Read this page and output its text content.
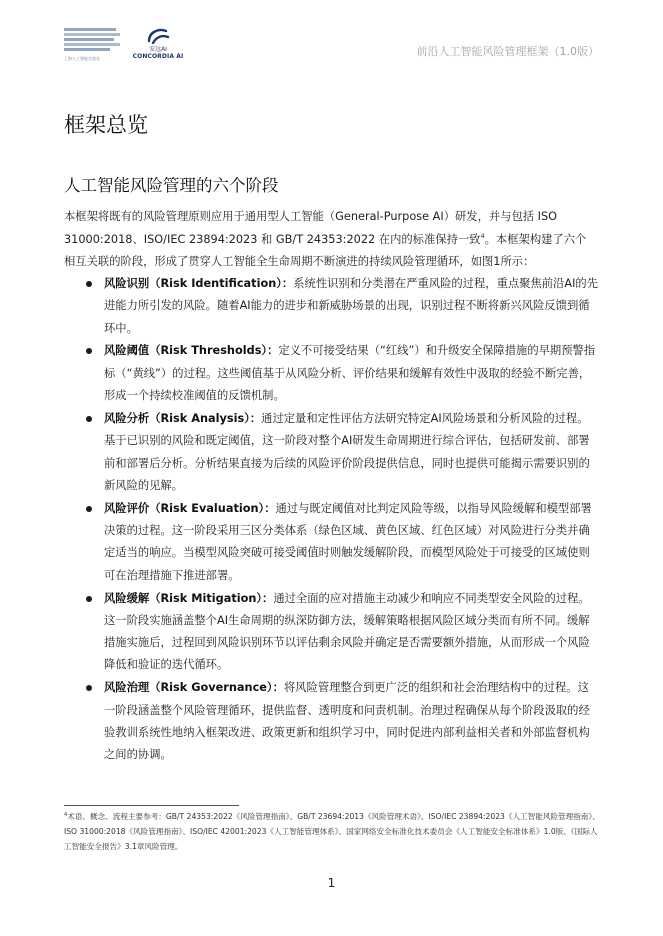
上海人工智能实验室
安远AI
CONCORDIA AI	前沿人工智能风险管理框架（1.0版）
框架总览
人工智能风险管理的六个阶段

本框架将既有的风险管理原则应用于通用型人工智能（General-Purpose AI）研发，并与包括 ISO 31000:2018、ISO/IEC 23894:2023 和 GB/T 24353:2022 在内的标准保持一致$^4$。本框架构建了六个相互关联的阶段，形成了贯穿人工智能全生命周期不断演进的持续风险管理循环，如图1所示：

风险识别（Risk Identification）：系统性识别和分类潜在严重风险的过程，重点聚焦前沿AI的先进能力所引发的风险。随着AI能力的进步和新威胁场景的出现，识别过程不断将新兴风险反馈到循环中。
风险阈值（Risk Thresholds）：定义不可接受结果（“红线”）和升级安全保障措施的早期预警指标（“黄线”）的过程。这些阈值基于从风险分析、评价结果和缓解有效性中汲取的经验不断完善，形成一个持续校准阈值的反馈机制。
风险分析（Risk Analysis）：通过定量和定性评估方法研究特定AI风险场景和分析风险的过程。基于已识别的风险和既定阈值，这一阶段对整个AI研发生命周期进行综合评估，包括研发前、部署前和部署后分析。分析结果直接为后续的风险评价阶段提供信息，同时也提供可能揭示需要识别的新风险的见解。
风险评价（Risk Evaluation）：通过与既定阈值对比判定风险等级，以指导风险缓解和模型部署决策的过程。这一阶段采用三区分类体系（绿色区域、黄色区域、红色区域）对风险进行分类并确定适当的响应。当模型风险突破可接受阈值时则触发缓解阶段，而模型风险处于可接受的区域使则可在治理措施下推进部署。
风险缓解（Risk Mitigation）：通过全面的应对措施主动减少和响应不同类型安全风险的过程。这一阶段实施涵盖整个AI生命周期的纵深防御方法，缓解策略根据风险区域分类而有所不同。缓解措施实施后，过程回到风险识别环节以评估剩余风险并确定是否需要额外措施，从而形成一个风险降低和验证的迭代循环。
风险治理（Risk Governance）：将风险管理整合到更广泛的组织和社会治理结构中的过程。这一阶段涵盖整个风险管理循环，提供监督、透明度和问责机制。治理过程确保从每个阶段汲取的经验教训系统性地纳入框架改进、政策更新和组织学习中，同时促进内部利益相关者和外部监督机构之间的协调。

$^4$术语、概念、流程主要参考：GB/T 24353:2022《风险管理指南》、GB/T 23694:2013《风险管理术语》、ISO/IEC 23894:2023《人工智能风险管理指南》、ISO 31000:2018《风险管理指南》、ISO/IEC 42001:2023《人工智能管理体系》、国家网络安全标准化技术委员会《人工智能安全标准体系》1.0版、《国际人工智能安全报告》3.1章风险管理。

1
